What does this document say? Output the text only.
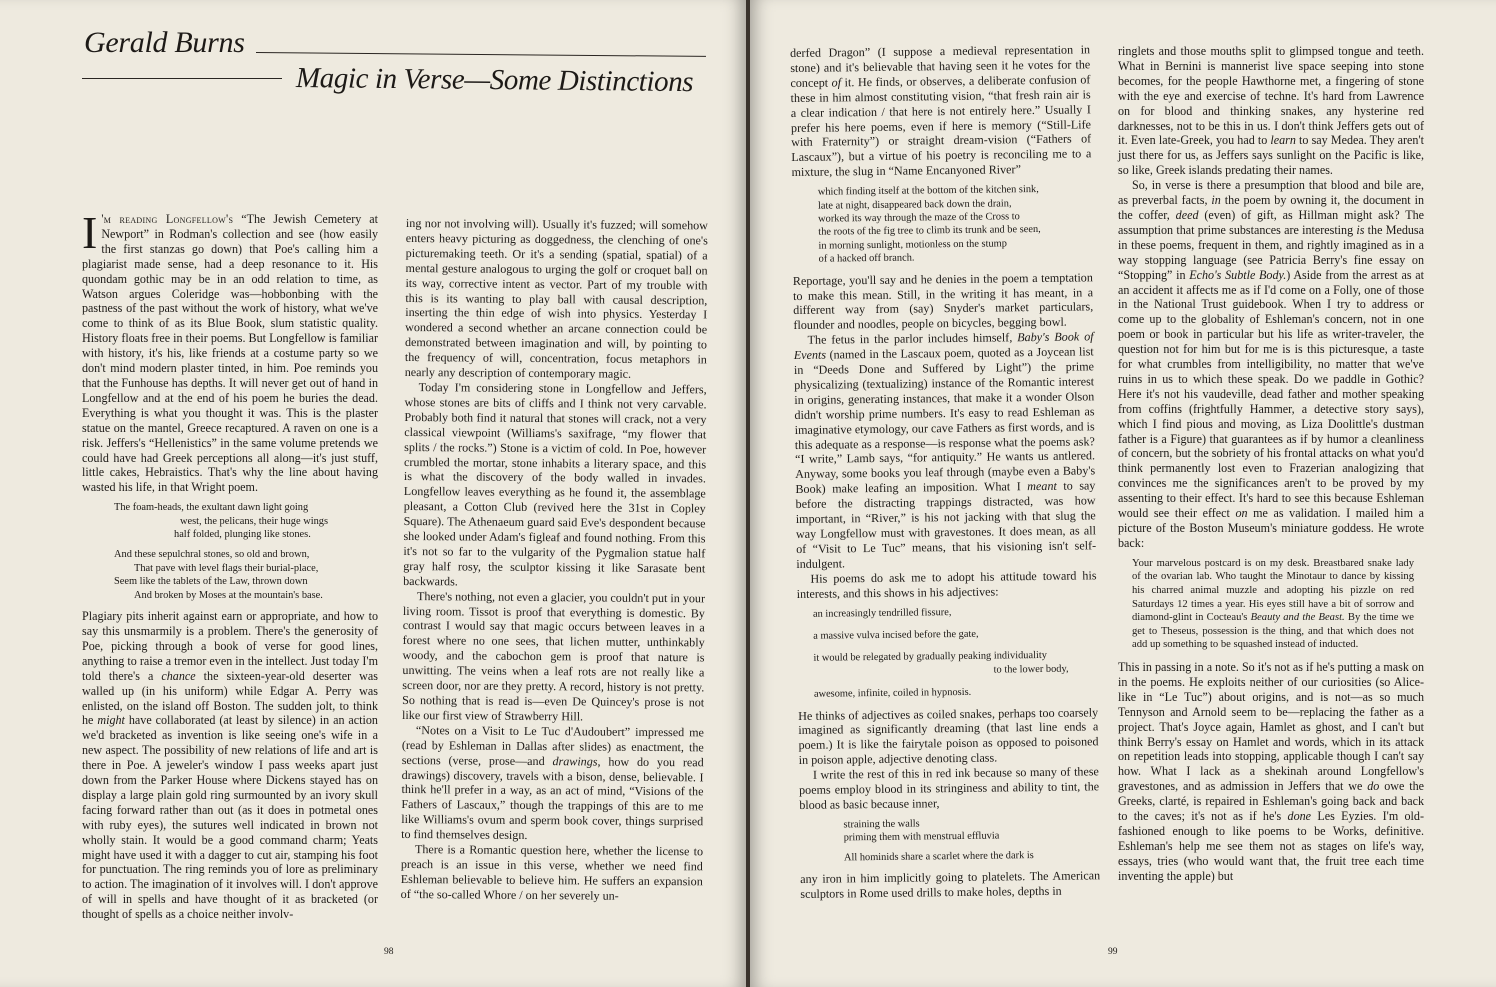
Gerald Burns
Magic in Verse—Some Distinctions

I 'm reading Longfellow's “The Jewish Cemetery at Newport” in Rodman's collection and see (how easily the first stanzas go down) that Poe's calling him a plagiarist made sense, had a deep resonance to it. His quondam gothic may be in an odd relation to time, as Watson argues Coleridge was—hobbonbing with the pastness of the past without the work of history, what we've come to think of as its Blue Book, slum statistic quality. History floats free in their poems. But Longfellow is familiar with history, it's his, like friends at a costume party so we don't mind modern plaster tinted, in him. Poe reminds you that the Funhouse has depths. It will never get out of hand in Longfellow and at the end of his poem he buries the dead. Everything is what you thought it was. This is the plaster statue on the mantel, Greece recaptured. A raven on one is a risk. Jeffers's “Hellenistics” in the same volume pretends we could have had Greek perceptions all along—it's just stuff, little cakes, Hebraistics. That's why the line about having wasted his life, in that Wright poem.

The foam-heads, the exultant dawn light going
west, the pelicans, their huge wings
half folded, plunging like stones.
And these sepulchral stones, so old and brown,
That pave with level flags their burial-place,
Seem like the tablets of the Law, thrown down
And broken by Moses at the mountain's base.

Plagiary pits inherit against earn or appropriate, and how to say this unsmarmily is a problem. There's the generosity of Poe, picking through a book of verse for good lines, anything to raise a tremor even in the intellect. Just today I'm told there's a chance the sixteen-year-old deserter was walled up (in his uniform) while Edgar A. Perry was enlisted, on the island off Boston. The sudden jolt, to think he might have collaborated (at least by silence) in an action we'd bracketed as invention is like seeing one's wife in a new aspect. The possibility of new relations of life and art is there in Poe. A jeweler's window I pass weeks apart just down from the Parker House where Dickens stayed has on display a large plain gold ring surmounted by an ivory skull facing forward rather than out (as it does in potmetal ones with ruby eyes), the sutures well indicated in brown not wholly stain. It would be a good command charm; Yeats might have used it with a dagger to cut air, stamping his foot for punctuation. The ring reminds you of lore as preliminary to action. The imagination of it involves will. I don't approve of will in spells and have thought of it as bracketed (or thought of spells as a choice neither involv-

ing nor not involving will). Usually it's fuzzed; will somehow enters heavy picturing as doggedness, the clenching of one's picturemaking teeth. Or it's a sending (spatial, spatial) of a mental gesture analogous to urging the golf or croquet ball on its way, corrective intent as vector. Part of my trouble with this is its wanting to play ball with causal description, inserting the thin edge of wish into physics. Yesterday I wondered a second whether an arcane connection could be demonstrated between imagination and will, by pointing to the frequency of will, concentration, focus metaphors in nearly any description of contemporary magic.

Today I'm considering stone in Longfellow and Jeffers, whose stones are bits of cliffs and I think not very carvable. Probably both find it natural that stones will crack, not a very classical viewpoint (Williams's saxifrage, “my flower that splits / the rocks.”) Stone is a victim of cold. In Poe, however crumbled the mortar, stone inhabits a literary space, and this is what the discovery of the body walled in invades. Longfellow leaves everything as he found it, the assemblage pleasant, a Cotton Club (revived here the 31st in Copley Square). The Athenaeum guard said Eve's despondent because she looked under Adam's figleaf and found nothing. From this it's not so far to the vulgarity of the Pygmalion statue half gray half rosy, the sculptor kissing it like Sarasate bent backwards.

There's nothing, not even a glacier, you couldn't put in your living room. Tissot is proof that everything is domestic. By contrast I would say that magic occurs between leaves in a forest where no one sees, that lichen mutter, unthinkably woody, and the cabochon gem is proof that nature is unwitting. The veins when a leaf rots are not really like a screen door, nor are they pretty. A record, history is not pretty. So nothing that is read is—even De Quincey's prose is not like our first view of Strawberry Hill.

“Notes on a Visit to Le Tuc d'Audoubert” impressed me (read by Eshleman in Dallas after slides) as enactment, the sections (verse, prose—and drawings, how do you read drawings) discovery, travels with a bison, dense, believable. I think he'll prefer in a way, as an act of mind, “Visions of the Fathers of Lascaux,” though the trappings of this are to me like Williams's ovum and sperm book cover, things surprised to find themselves design.

There is a Romantic question here, whether the license to preach is an issue in this verse, whether we need find Eshleman believable to believe him. He suffers an expansion of “the so-called Whore / on her severely un-

98

derfed Dragon” (I suppose a medieval representation in stone) and it's believable that having seen it he votes for the concept of it. He finds, or observes, a deliberate confusion of these in him almost constituting vision, “that fresh rain air is a clear indication / that here is not entirely here.” Usually I prefer his here poems, even if here is memory (“Still-Life with Fraternity”) or straight dream-vision (“Fathers of Lascaux”), but a virtue of his poetry is reconciling me to a mixture, the slug in “Name Encanyoned River”

which finding itself at the bottom of the kitchen sink,
late at night, disappeared back down the drain,
worked its way through the maze of the Cross to
the roots of the fig tree to climb its trunk and be seen,
in morning sunlight, motionless on the stump
of a hacked off branch.

Reportage, you'll say and he denies in the poem a temptation to make this mean. Still, in the writing it has meant, in a different way from (say) Snyder's market particulars, flounder and noodles, people on bicycles, begging bowl.

The fetus in the parlor includes himself, Baby's Book of Events (named in the Lascaux poem, quoted as a Joycean list in “Deeds Done and Suffered by Light”) the prime physicalizing (textualizing) instance of the Romantic interest in origins, generating instances, that make it a wonder Olson didn't worship prime numbers. It's easy to read Eshleman as imaginative etymology, our cave Fathers as first words, and is this adequate as a response—is response what the poems ask? “I write,” Lamb says, “for antiquity.” He wants us antlered. Anyway, some books you leaf through (maybe even a Baby's Book) make leafing an imposition. What I meant to say before the distracting trappings distracted, was how important, in “River,” is his not jacking with that slug the way Longfellow must with gravestones. It does mean, as all of “Visit to Le Tuc” means, that his visioning isn't self-indulgent.

His poems do ask me to adopt his attitude toward his interests, and this shows in his adjectives:

an increasingly tendrilled fissure,
a massive vulva incised before the gate,
it would be relegated by gradually peaking individuality
to the lower body,
awesome, infinite, coiled in hypnosis.

He thinks of adjectives as coiled snakes, perhaps too coarsely imagined as significantly dreaming (that last line ends a poem.) It is like the fairytale poison as opposed to poisoned in poison apple, adjective denoting class.

I write the rest of this in red ink because so many of these poems employ blood in its stringiness and ability to tint, the blood as basic because inner,

straining the walls
priming them with menstrual effluvia
All hominids share a scarlet where the dark is

any iron in him implicitly going to platelets. The American sculptors in Rome used drills to make holes, depths in

ringlets and those mouths split to glimpsed tongue and teeth. What in Bernini is mannerist live space seeping into stone becomes, for the people Hawthorne met, a fingering of stone with the eye and exercise of techne. It's hard from Lawrence on for blood and thinking snakes, any hysterine red darknesses, not to be this in us. I don't think Jeffers gets out of it. Even late-Greek, you had to learn to say Medea. They aren't just there for us, as Jeffers says sunlight on the Pacific is like, so like, Greek islands predating their names.

So, in verse is there a presumption that blood and bile are, as preverbal facts, in the poem by owning it, the document in the coffer, deed (even) of gift, as Hillman might ask? The assumption that prime substances are interesting is the Medusa in these poems, frequent in them, and rightly imagined as in a way stopping language (see Patricia Berry's fine essay on “Stopping” in Echo's Subtle Body.) Aside from the arrest as at an accident it affects me as if I'd come on a Folly, one of those in the National Trust guidebook. When I try to address or come up to the globality of Eshleman's concern, not in one poem or book in particular but his life as writer-traveler, the question not for him but for me is is this picturesque, a taste for what crumbles from intelligibility, no matter that we've ruins in us to which these speak. Do we paddle in Gothic? Here it's not his vaudeville, dead father and mother speaking from coffins (frightfully Hammer, a detective story says), which I find pious and moving, as Liza Doolittle's dustman father is a Figure) that guarantees as if by humor a cleanliness of concern, but the sobriety of his frontal attacks on what you'd think permanently lost even to Frazerian analogizing that convinces me the significances aren't to be proved by my assenting to their effect. It's hard to see this because Eshleman would see their effect on me as validation. I mailed him a picture of the Boston Museum's miniature goddess. He wrote back:

Your marvelous postcard is on my desk. Breastbared snake lady of the ovarian lab. Who taught the Minotaur to dance by kissing his charred animal muzzle and adopting his pizzle on red Saturdays 12 times a year. His eyes still have a bit of sorrow and diamond-glint in Cocteau's Beauty and the Beast. By the time we get to Theseus, possession is the thing, and that which does not add up something to be squashed instead of inducted.

This in passing in a note. So it's not as if he's putting a mask on in the poems. He exploits neither of our curiosities (so Alice-like in “Le Tuc”) about origins, and is not—as so much Tennyson and Arnold seem to be—replacing the father as a project. That's Joyce again, Hamlet as ghost, and I can't but think Berry's essay on Hamlet and words, which in its attack on repetition leads into stopping, applicable though I can't say how. What I lack as a shekinah around Longfellow's gravestones, and as admission in Jeffers that we do owe the Greeks, clarté, is repaired in Eshleman's going back and back to the caves; it's not as if he's done Les Eyzies. I'm old-fashioned enough to like poems to be Works, definitive. Eshleman's help me see them not as stages on life's way, essays, tries (who would want that, the fruit tree each time inventing the apple) but

99
